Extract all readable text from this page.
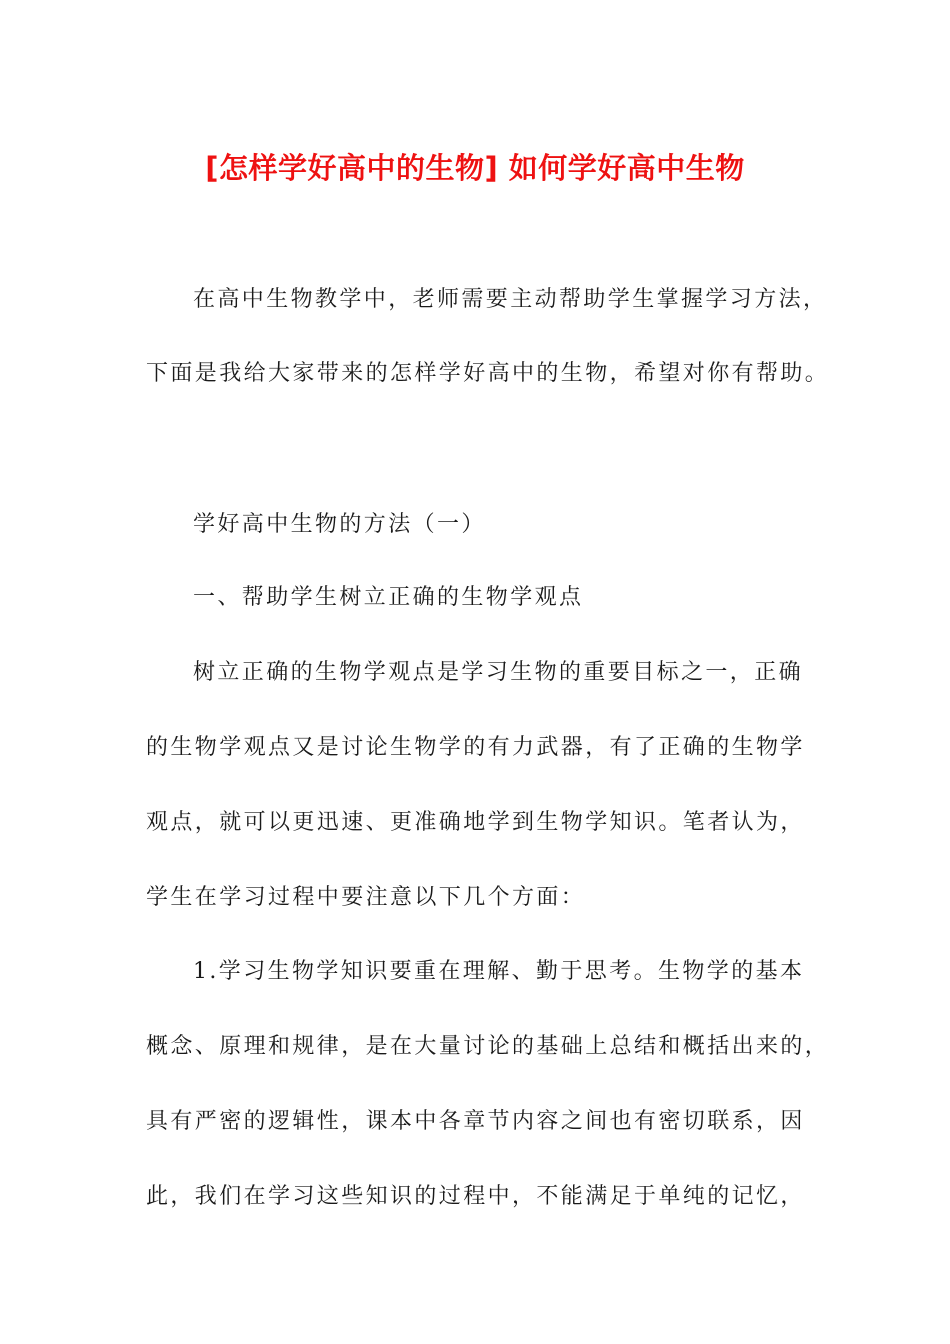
[怎样学好高中的生物] 如何学好高中生物
在高中生物教学中，老师需要主动帮助学生掌握学习方法，
下面是我给大家带来的怎样学好高中的生物，希望对你有帮助。
学好高中生物的方法（一）
一、帮助学生树立正确的生物学观点
树立正确的生物学观点是学习生物的重要目标之一，正确
的生物学观点又是讨论生物学的有力武器，有了正确的生物学
观点，就可以更迅速、更准确地学到生物学知识。笔者认为，
学生在学习过程中要注意以下几个方面：
1.学习生物学知识要重在理解、勤于思考。生物学的基本
概念、原理和规律，是在大量讨论的基础上总结和概括出来的，
具有严密的逻辑性，课本中各章节内容之间也有密切联系，因
此，我们在学习这些知识的过程中，不能满足于单纯的记忆，
